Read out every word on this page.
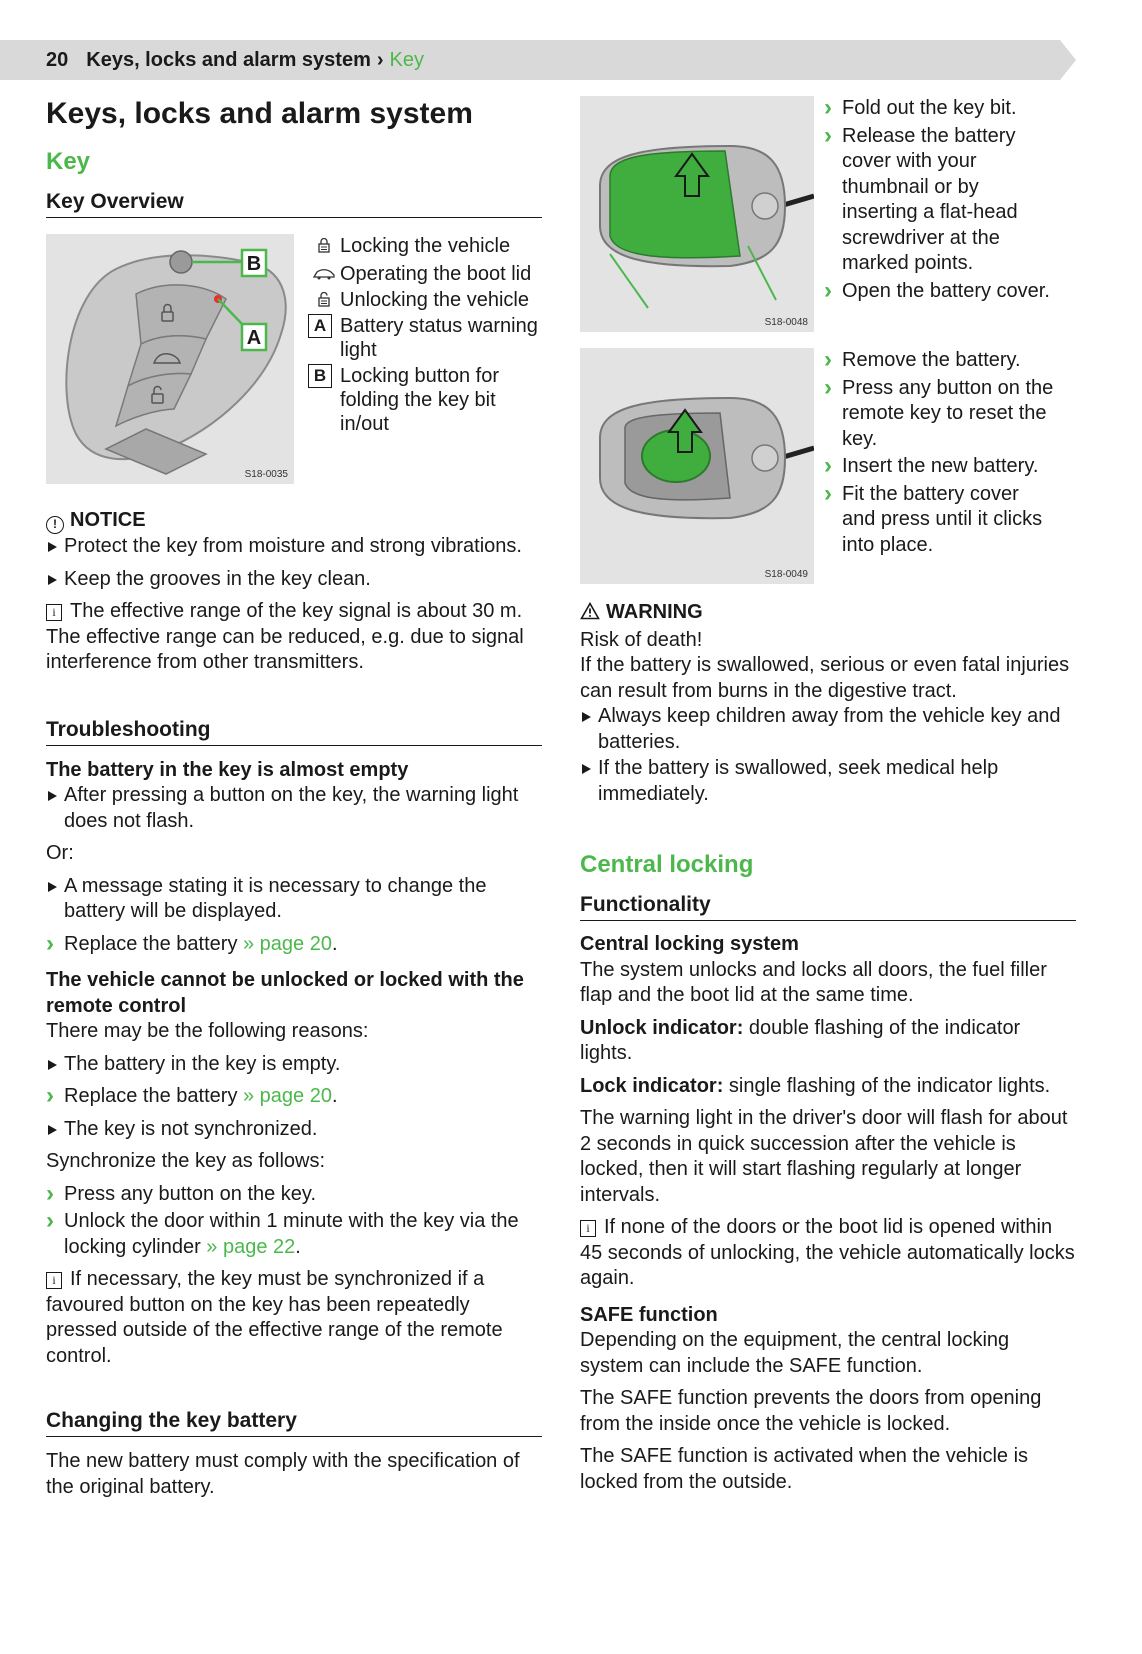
20 Keys, locks and alarm system › Key
Keys, locks and alarm system
Key
Key Overview
B
A
S18-0035
Locking the vehicle
Operating the boot lid
Unlocking the vehicle
A Battery status warning light
B Locking button for folding the key bit in/out
! NOTICE
Protect the key from moisture and strong vibrations.
Keep the grooves in the key clean.
i The effective range of the key signal is about 30 m. The effective range can be reduced, e.g. due to signal interference from other transmitters.
Troubleshooting
The battery in the key is almost empty
After pressing a button on the key, the warning light does not flash.
Or:
A message stating it is necessary to change the battery will be displayed.
› Replace the battery » page 20.
The vehicle cannot be unlocked or locked with the remote control
There may be the following reasons:
The battery in the key is empty.
› Replace the battery » page 20.
The key is not synchronized.
Synchronize the key as follows:
› Press any button on the key.
› Unlock the door within 1 minute with the key via the locking cylinder » page 22.
i If necessary, the key must be synchronized if a favoured button on the key has been repeatedly pressed outside of the effective range of the remote control.
Changing the key battery
The new battery must comply with the specification of the original battery.
S18-0048
› Fold out the key bit.
› Release the battery cover with your thumbnail or by inserting a flat-head screwdriver at the marked points.
› Open the battery cover.
S18-0049
› Remove the battery.
› Press any button on the remote key to reset the key.
› Insert the new battery.
› Fit the battery cover and press until it clicks into place.
WARNING
Risk of death!
If the battery is swallowed, serious or even fatal injuries can result from burns in the digestive tract.
Always keep children away from the vehicle key and batteries.
If the battery is swallowed, seek medical help immediately.
Central locking
Functionality
Central locking system
The system unlocks and locks all doors, the fuel filler flap and the boot lid at the same time.
Unlock indicator: double flashing of the indicator lights.
Lock indicator: single flashing of the indicator lights.
The warning light in the driver's door will flash for about 2 seconds in quick succession after the vehicle is locked, then it will start flashing regularly at longer intervals.
i If none of the doors or the boot lid is opened within 45 seconds of unlocking, the vehicle automatically locks again.
SAFE function
Depending on the equipment, the central locking system can include the SAFE function.
The SAFE function prevents the doors from opening from the inside once the vehicle is locked.
The SAFE function is activated when the vehicle is locked from the outside.
